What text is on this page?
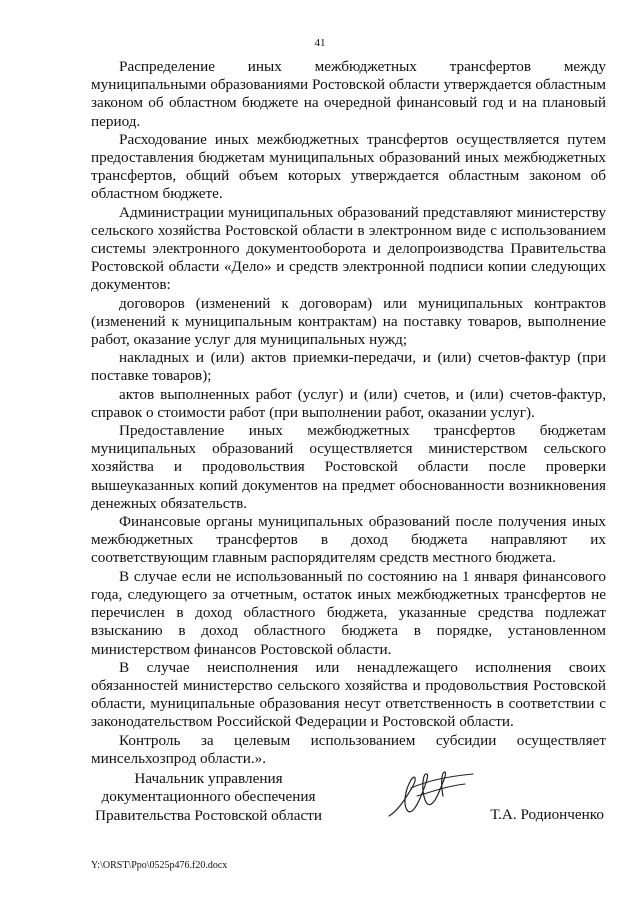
41

Распределение иных межбюджетных трансфертов между муниципальными образованиями Ростовской области утверждается областным законом об областном бюджете на очередной финансовый год и на плановый период.

Расходование иных межбюджетных трансфертов осуществляется путем предоставления бюджетам муниципальных образований иных межбюджетных трансфертов, общий объем которых утверждается областным законом об областном бюджете.

Администрации муниципальных образований представляют министерству сельского хозяйства Ростовской области в электронном виде с использованием системы электронного документооборота и делопроизводства Правительства Ростовской области «Дело» и средств электронной подписи копии следующих документов:

договоров (изменений к договорам) или муниципальных контрактов (изменений к муниципальным контрактам) на поставку товаров, выполнение работ, оказание услуг для муниципальных нужд;

накладных и (или) актов приемки-передачи, и (или) счетов-фактур (при поставке товаров);

актов выполненных работ (услуг) и (или) счетов, и (или) счетов-фактур, справок о стоимости работ (при выполнении работ, оказании услуг).

Предоставление иных межбюджетных трансфертов бюджетам муниципальных образований осуществляется министерством сельского хозяйства и продовольствия Ростовской области после проверки вышеуказанных копий документов на предмет обоснованности возникновения денежных обязательств.

Финансовые органы муниципальных образований после получения иных межбюджетных трансфертов в доход бюджета направляют их соответствующим главным распорядителям средств местного бюджета.

В случае если не использованный по состоянию на 1 января финансового года, следующего за отчетным, остаток иных межбюджетных трансфертов не перечислен в доход областного бюджета, указанные средства подлежат взысканию в доход областного бюджета в порядке, установленном министерством финансов Ростовской области.

В случае неисполнения или ненадлежащего исполнения своих обязанностей министерство сельского хозяйства и продовольствия Ростовской области, муниципальные образования несут ответственность в соответствии с законодательством Российской Федерации и Ростовской области.

Контроль за целевым использованием субсидии осуществляет минсельхозпрод области.».

Начальник управления
документационного обеспечения
Правительства Ростовской области	Т.А. Родионченко
Y:\ORST\Ppo\0525p476.f20.docx
